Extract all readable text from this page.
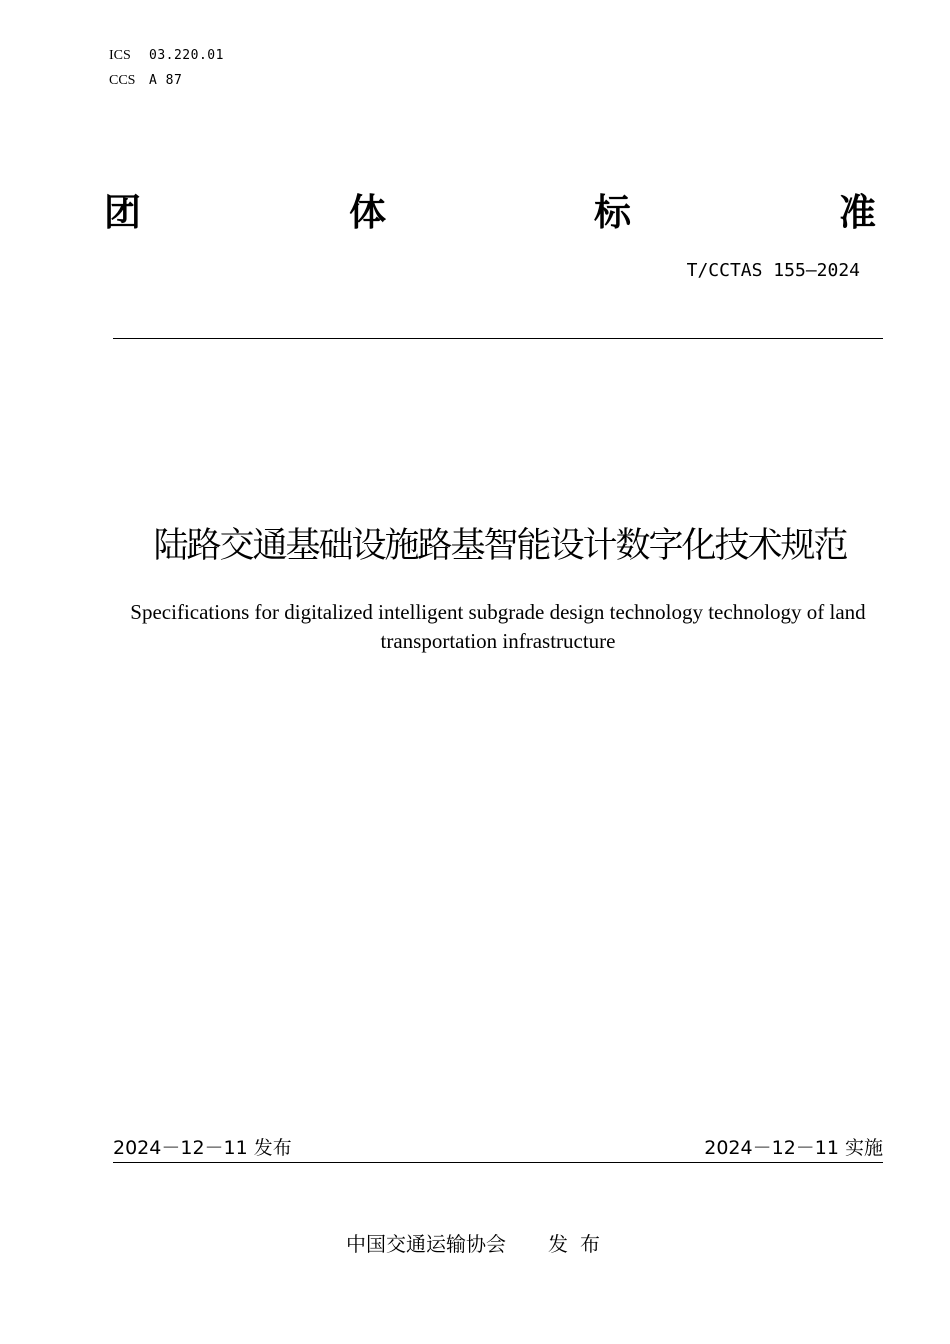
ICS 03.220.01
CCS A 87
团	体	标	准
T/CCTAS 155—2024
陆路交通基础设施路基智能设计数字化技术规范
Specifications for digitalized intelligent subgrade design technology technology of land transportation infrastructure
2024－12－11 发布	2024－12－11 实施
中国交通运输协会 发布
